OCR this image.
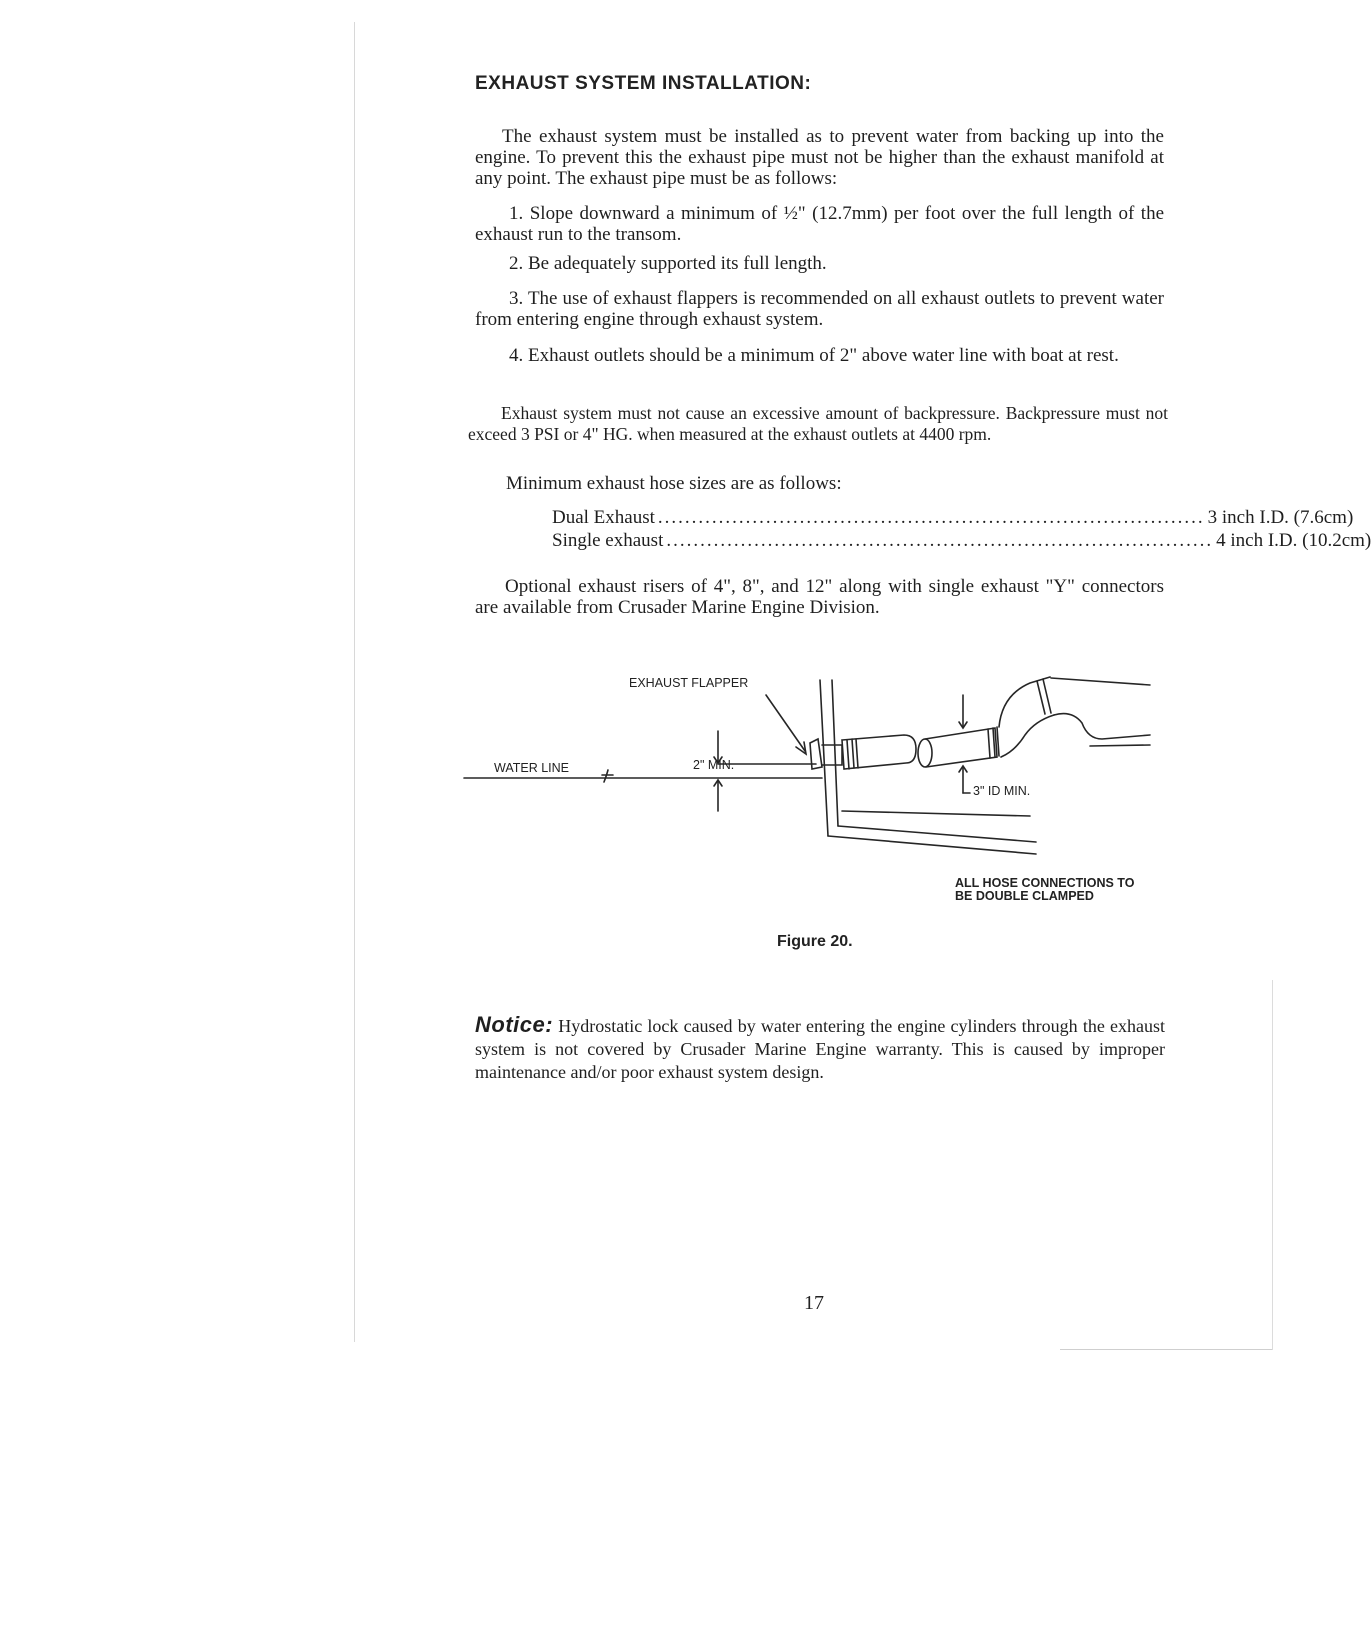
EXHAUST SYSTEM INSTALLATION:

The exhaust system must be installed as to prevent water from backing up into the engine. To prevent this the exhaust pipe must not be higher than the exhaust manifold at any point. The exhaust pipe must be as follows:

1. Slope downward a minimum of ½" (12.7mm) per foot over the full length of the exhaust run to the transom.

2. Be adequately supported its full length.

3. The use of exhaust flappers is recommended on all exhaust outlets to prevent water from entering engine through exhaust system.

4. Exhaust outlets should be a minimum of 2" above water line with boat at rest.

Exhaust system must not cause an excessive amount of backpressure. Backpressure must not exceed 3 PSI or 4" HG. when measured at the exhaust outlets at 4400 rpm.

Minimum exhaust hose sizes are as follows:

Dual Exhaust ................................................................................. 3 inch I.D. (7.6cm)
Single exhaust ................................................................................. 4 inch I.D. (10.2cm)

Optional exhaust risers of 4", 8", and 12" along with single exhaust "Y" connectors are available from Crusader Marine Engine Division.

EXHAUST FLAPPER
WATER LINE	2" MIN.
3" ID MIN.
ALL HOSE CONNECTIONS TO
BE DOUBLE CLAMPED
Figure 20.

Notice: Hydrostatic lock caused by water entering the engine cylinders through the exhaust system is not covered by Crusader Marine Engine warranty. This is caused by improper maintenance and/or poor exhaust system design.

17
